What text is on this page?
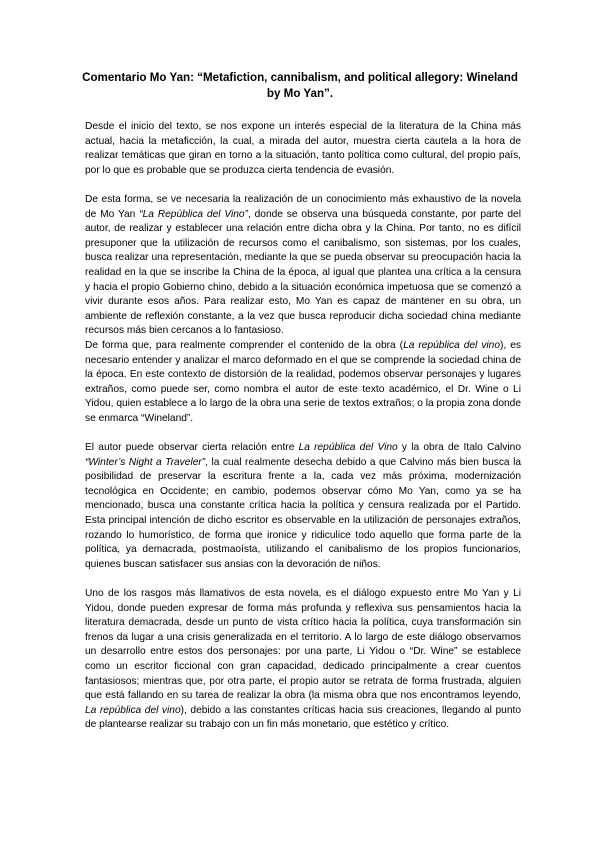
Comentario Mo Yan: “Metafiction, cannibalism, and political allegory: Wineland by Mo Yan”.

Desde el inicio del texto, se nos expone un interés especial de la literatura de la China más actual, hacia la metaficción, la cual, a mirada del autor, muestra cierta cautela a la hora de realizar temáticas que giran en torno a la situación, tanto política como cultural, del propio país, por lo que es probable que se produzca cierta tendencia de evasión.

De esta forma, se ve necesaria la realización de un conocimiento más exhaustivo de la novela de Mo Yan “La República del Vino”, donde se observa una búsqueda constante, por parte del autor, de realizar y establecer una relación entre dicha obra y la China. Por tanto, no es difícil presuponer que la utilización de recursos como el canibalismo, son sistemas, por los cuales, busca realizar una representación, mediante la que se pueda observar su preocupación hacia la realidad en la que se inscribe la China de la época, al igual que plantea una crítica a la censura y hacia el propio Gobierno chino, debido a la situación económica impetuosa que se comenzó a vivir durante esos años. Para realizar esto, Mo Yan es capaz de mantener en su obra, un ambiente de reflexión constante, a la vez que busca reproducir dicha sociedad china mediante recursos más bien cercanos a lo fantasioso.

De forma que, para realmente comprender el contenido de la obra (La república del vino), es necesario entender y analizar el marco deformado en el que se comprende la sociedad china de la época. En este contexto de distorsión de la realidad, podemos observar personajes y lugares extraños, como puede ser, como nombra el autor de este texto académico, el Dr. Wine o Li Yidou, quien establece a lo largo de la obra una serie de textos extraños; o la propia zona donde se enmarca “Wineland”.

El autor puede observar cierta relación entre La república del Vino y la obra de Italo Calvino “Winter’s Night a Traveler”, la cual realmente desecha debido a que Calvino más bien busca la posibilidad de preservar la escritura frente a la, cada vez más próxima, modernización tecnológica en Occidente; en cambio, podemos observar cómo Mo Yan, como ya se ha mencionado, busca una constante crítica hacia la política y censura realizada por el Partido. Esta principal intención de dicho escritor es observable en la utilización de personajes extraños, rozando lo humorístico, de forma que ironice y ridiculice todo aquello que forma parte de la política, ya demacrada, postmaoísta, utilizando el canibalismo de los propios funcionarios, quienes buscan satisfacer sus ansias con la devoración de niños.

Uno de los rasgos más llamativos de esta novela, es el diálogo expuesto entre Mo Yan y Li Yidou, donde pueden expresar de forma más profunda y reflexiva sus pensamientos hacia la literatura demacrada, desde un punto de vista crítico hacia la política, cuya transformación sin frenos da lugar a una crisis generalizada en el territorio. A lo largo de este diálogo observamos un desarrollo entre estos dos personajes: por una parte, Li Yidou o “Dr. Wine” se establece como un escritor ficcional con gran capacidad, dedicado principalmente a crear cuentos fantasiosos; mientras que, por otra parte, el propio autor se retrata de forma frustrada, alguien que está fallando en su tarea de realizar la obra (la misma obra que nos encontramos leyendo, La república del vino), debido a las constantes críticas hacia sus creaciones, llegando al punto de plantearse realizar su trabajo con un fin más monetario, que estético y crítico.
